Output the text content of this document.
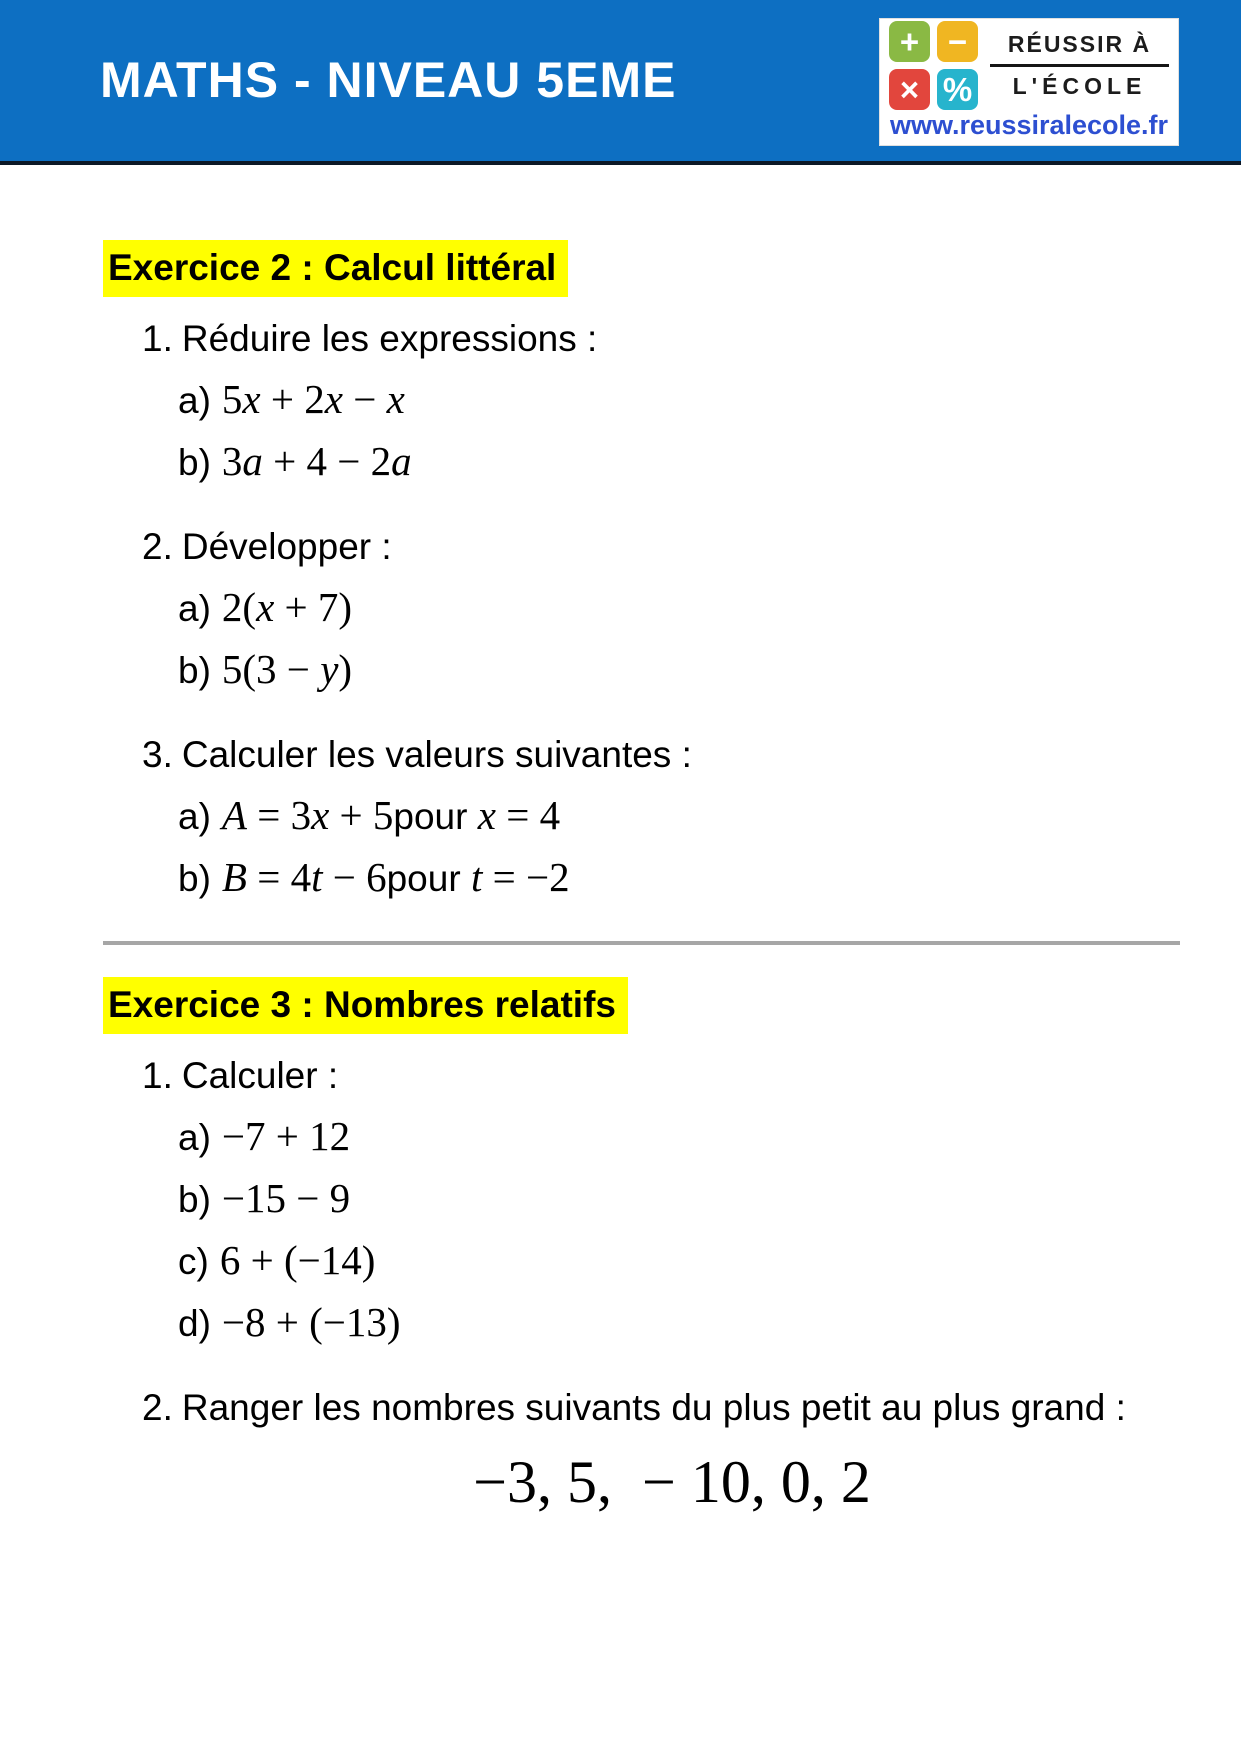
MATHS - NIVEAU 5EME
+ −
× %
RÉUSSIR À
L'ÉCOLE
www.reussiralecole.fr
Exercice 2 : Calcul littéral
1. Réduire les expressions :
a) 5x + 2x − x
b) 3a + 4 − 2a
2. Développer :
a) 2(x + 7)
b) 5(3 − y)
3. Calculer les valeurs suivantes :
a) A = 3x + 5pour x = 4
b) B = 4t − 6pour t = −2
Exercice 3 : Nombres relatifs
1. Calculer :
a) −7 + 12
b) −15 − 9
c) 6 + (−14)
d) −8 + (−13)
2. Ranger les nombres suivants du plus petit au plus grand :
−3, 5,  − 10, 0, 2
